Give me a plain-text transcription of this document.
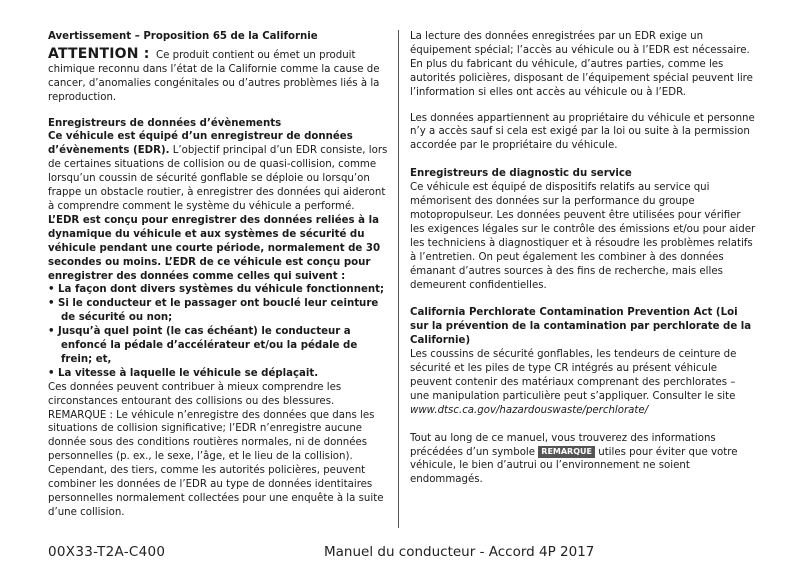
Avertissement – Proposition 65 de la Californie

ATTENTION : Ce produit contient ou émet un produit chimique reconnu dans l’état de la Californie comme la cause de cancer, d’anomalies congénitales ou d’autres problèmes liés à la reproduction.

Enregistreurs de données d’évènements

Ce véhicule est équipé d’un enregistreur de données d’évènements (EDR). L’objectif principal d’un EDR consiste, lors de certaines situations de collision ou de quasi-collision, comme lorsqu’un coussin de sécurité gonflable se déploie ou lorsqu’on frappe un obstacle routier, à enregistrer des données qui aideront à comprendre comment le système du véhicule a performé. L’EDR est conçu pour enregistrer des données reliées à la dynamique du véhicule et aux systèmes de sécurité du véhicule pendant une courte période, normalement de 30 secondes ou moins. L’EDR de ce véhicule est conçu pour enregistrer des données comme celles qui suivent :

• La façon dont divers systèmes du véhicule fonctionnent;

• Si le conducteur et le passager ont bouclé leur ceinture de sécurité ou non;

• Jusqu’à quel point (le cas échéant) le conducteur a enfoncé la pédale d’accélérateur et/ou la pédale de frein; et,

• La vitesse à laquelle le véhicule se déplaçait.

Ces données peuvent contribuer à mieux comprendre les circonstances entourant des collisions ou des blessures.

REMARQUE : Le véhicule n’enregistre des données que dans les situations de collision significative; l’EDR n’enregistre aucune donnée sous des conditions routières normales, ni de données personnelles (p. ex., le sexe, l’âge, et le lieu de la collision). Cependant, des tiers, comme les autorités policières, peuvent combiner les données de l’EDR au type de données identitaires personnelles normalement collectées pour une enquête à la suite d’une collision.

La lecture des données enregistrées par un EDR exige un équipement spécial; l’accès au véhicule ou à l’EDR est nécessaire. En plus du fabricant du véhicule, d’autres parties, comme les autorités policières, disposant de l’équipement spécial peuvent lire l’information si elles ont accès au véhicule ou à l’EDR.

Les données appartiennent au propriétaire du véhicule et personne n’y a accès sauf si cela est exigé par la loi ou suite à la permission accordée par le propriétaire du véhicule.

Enregistreurs de diagnostic du service

Ce véhicule est équipé de dispositifs relatifs au service qui mémorisent des données sur la performance du groupe motopropulseur. Les données peuvent être utilisées pour vérifier les exigences légales sur le contrôle des émissions et/ou pour aider les techniciens à diagnostiquer et à résoudre les problèmes relatifs à l’entretien. On peut également les combiner à des données émanant d’autres sources à des fins de recherche, mais elles demeurent confidentielles.

California Perchlorate Contamination Prevention Act (Loi sur la prévention de la contamination par perchlorate de la Californie)

Les coussins de sécurité gonflables, les tendeurs de ceinture de sécurité et les piles de type CR intégrés au présent véhicule peuvent contenir des matériaux comprenant des perchlorates – une manipulation particulière peut s’appliquer. Consulter le site www.dtsc.ca.gov/hazardouswaste/perchlorate/

Tout au long de ce manuel, vous trouverez des informations précédées d’un symbole REMARQUE utiles pour éviter que votre véhicule, le bien d’autrui ou l’environnement ne soient endommagés.

00X33-T2A-C400	Manuel du conducteur - Accord 4P 2017
